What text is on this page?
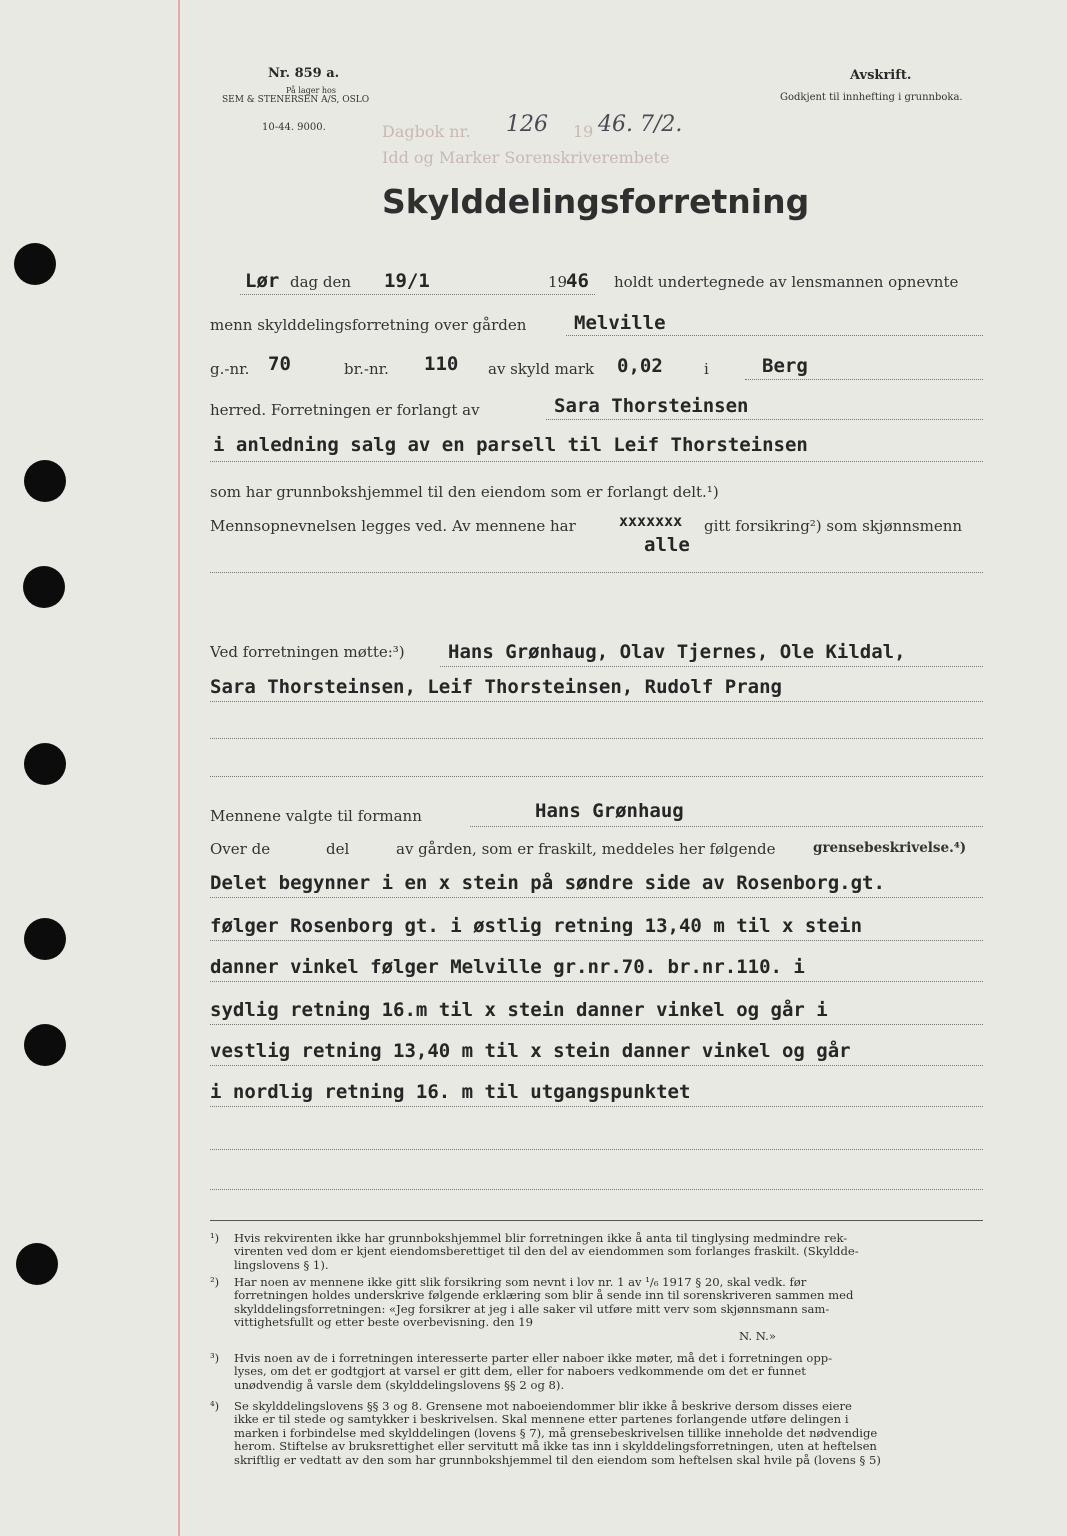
Nr. 859 a.
På lager hos
SEM & STENERSEN A/S, OSLO
10-44. 9000.
Avskrift.
Godkjent til innhefting i grunnboka.
Dagbok nr. 126 19 46. 7/2.
Idd og Marker Sorenskriverembete
Skylddelingsforretning
Lør dag den 19/1	19
46 holdt undertegnede av lensmannen opnevnte
menn skylddelingsforretning over gården	Melville
g.-nr. 70	br.-nr. 110 av skyld mark 0,02	i	Berg
herred. Forretningen er forlangt av	Sara Thorsteinsen
i anledning salg av en parsell til Leif Thorsteinsen
som har grunnbokshjemmel til den eiendom som er forlangt delt.¹)
Mennsopnevnelsen legges ved. Av mennene har	xxxxxxx gitt forsikring²) som skjønnsmenn
alle
Ved forretningen møtte:³) Hans Grønhaug, Olav Tjernes, Ole Kildal,
Sara Thorsteinsen, Leif Thorsteinsen, Rudolf Prang
Mennene valgte til formann	Hans Grønhaug
Over de	del	av gården, som er fraskilt, meddeles her følgende	grensebeskrivelse.⁴)
Delet begynner i en x stein på søndre side av Rosenborg.gt.
følger Rosenborg gt. i østlig retning 13,40 m til x stein
danner vinkel følger Melville gr.nr.70. br.nr.110. i
sydlig retning 16.m til x stein danner vinkel og går i
vestlig retning 13,40 m til x stein danner vinkel og går
i nordlig retning 16. m til utgangspunktet
¹) Hvis rekvirenten ikke har grunnbokshjemmel blir forretningen ikke å anta til tinglysing medmindre rek-
virenten ved dom er kjent eiendomsberettiget til den del av eiendommen som forlanges fraskilt. (Skyldde-
lingslovens § 1).
²) Har noen av mennene ikke gitt slik forsikring som nevnt i lov nr. 1 av ¹/₆ 1917 § 20, skal vedk. før
forretningen holdes underskrive følgende erklæring som blir å sende inn til sorenskriveren sammen med
skylddelingsforretningen: «Jeg forsikrer at jeg i alle saker vil utføre mitt verv som skjønnsmann sam-
vittighetsfullt og etter beste overbevisning. den 19
N. N.»
³) Hvis noen av de i forretningen interesserte parter eller naboer ikke møter, må det i forretningen opp-
lyses, om det er godtgjort at varsel er gitt dem, eller for naboers vedkommende om det er funnet
unødvendig å varsle dem (skylddelingslovens §§ 2 og 8).
⁴) Se skylddelingslovens §§ 3 og 8. Grensene mot naboeiendommer blir ikke å beskrive dersom disses eiere
ikke er til stede og samtykker i beskrivelsen. Skal mennene etter partenes forlangende utføre delingen i
marken i forbindelse med skylddelingen (lovens § 7), må grensebeskrivelsen tillike inneholde det nødvendige
herom. Stiftelse av bruksrettighet eller servitutt må ikke tas inn i skylddelingsforretningen, uten at heftelsen
skriftlig er vedtatt av den som har grunnbokshjemmel til den eiendom som heftelsen skal hvile på (lovens § 5)
